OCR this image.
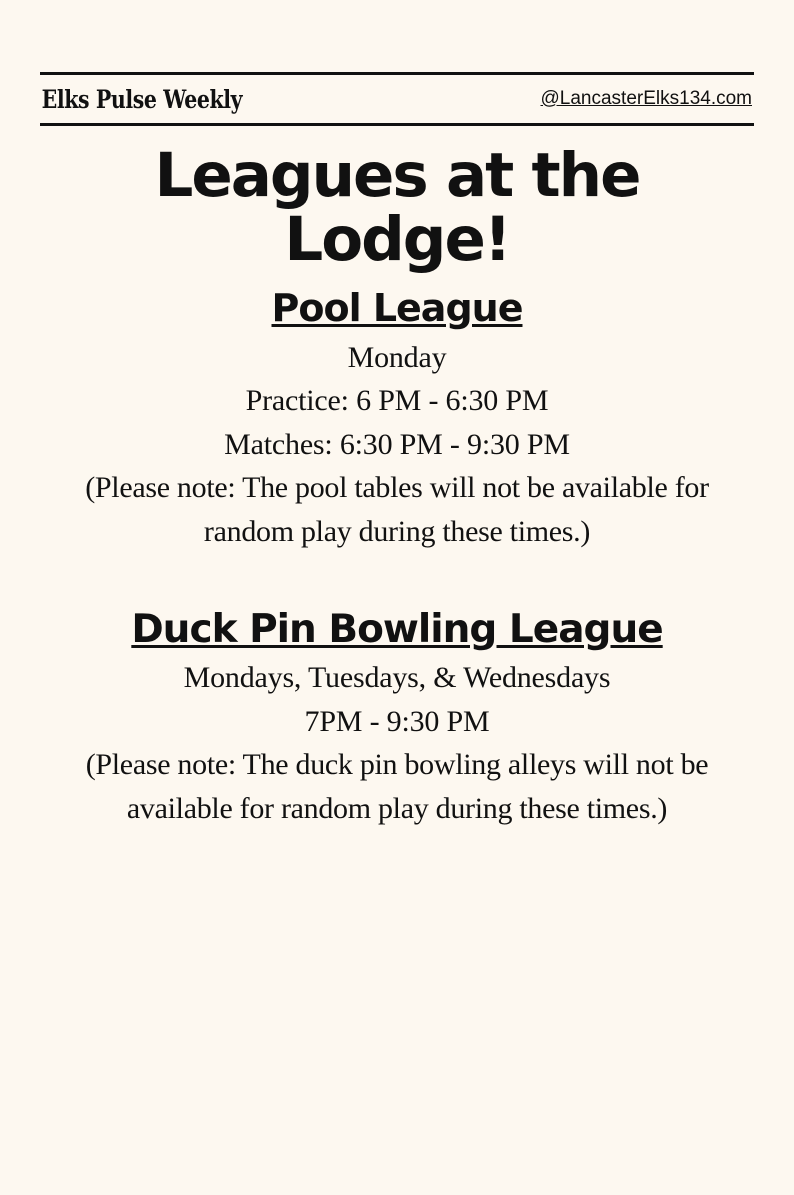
Elks Pulse Weekly	@LancasterElks134.com
Leagues at the Lodge!
Pool League

Monday

Practice: 6 PM - 6:30 PM

Matches: 6:30 PM - 9:30 PM

(Please note: The pool tables will not be available for random play during these times.)

Duck Pin Bowling League

Mondays, Tuesdays, & Wednesdays

7PM - 9:30 PM

(Please note: The duck pin bowling alleys will not be available for random play during these times.)
